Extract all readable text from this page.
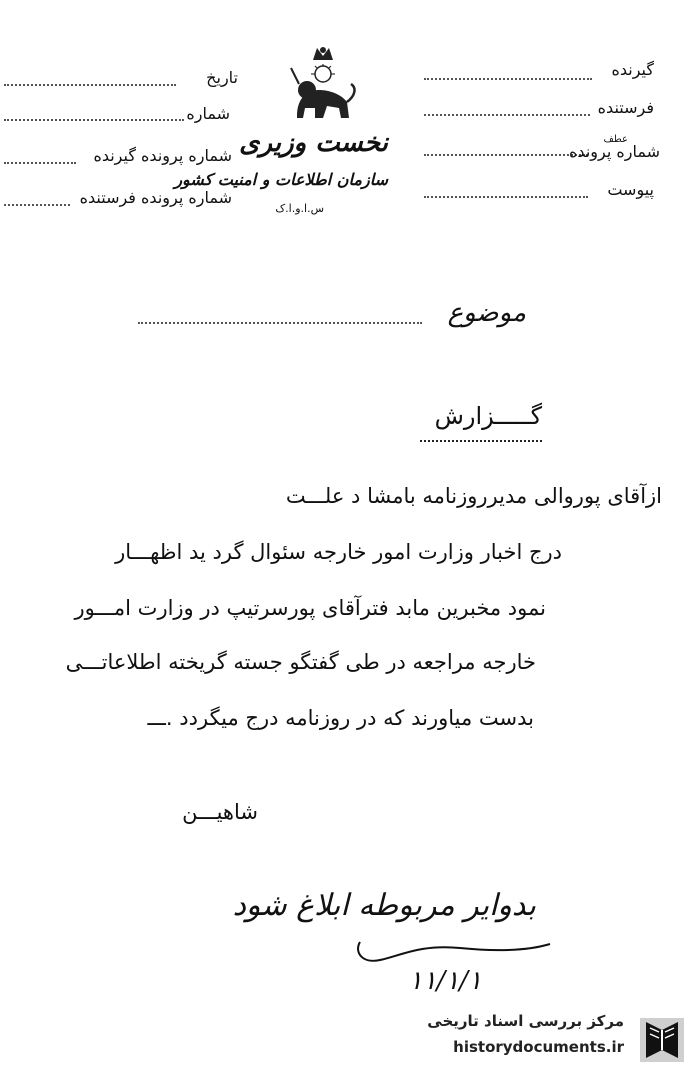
تاریخ
شماره
شماره پرونده گیرنده
شماره پرونده فرستنده
نخست وزیری
سازمان اطلاعات و امنیت کشور
س.ا.و.ا.ک
گیرنده
فرستنده
عطف
شماره پرونده
پیوست
موضوع
گـــــزارش
ازآقای پوروالی مدیرروزنامه بامشا د علـــت
درج اخبار وزارت امور خارجه سئوال گرد ید اظهـــار
نمود مخبرین مابد فترآقای پورسرتیپ در وزارت امـــور
خارجه مراجعه در طی گفتگو جسته گریخته اطلاعاتـــی
بدست میاورند که در روزنامه درج میگردد .ـــ
شاهیـــن
بدوایر مربوطه ابلاغ شود
۱۱/۱/۱
مرکز بررسی اسناد تاریخی
historydocuments.ir
